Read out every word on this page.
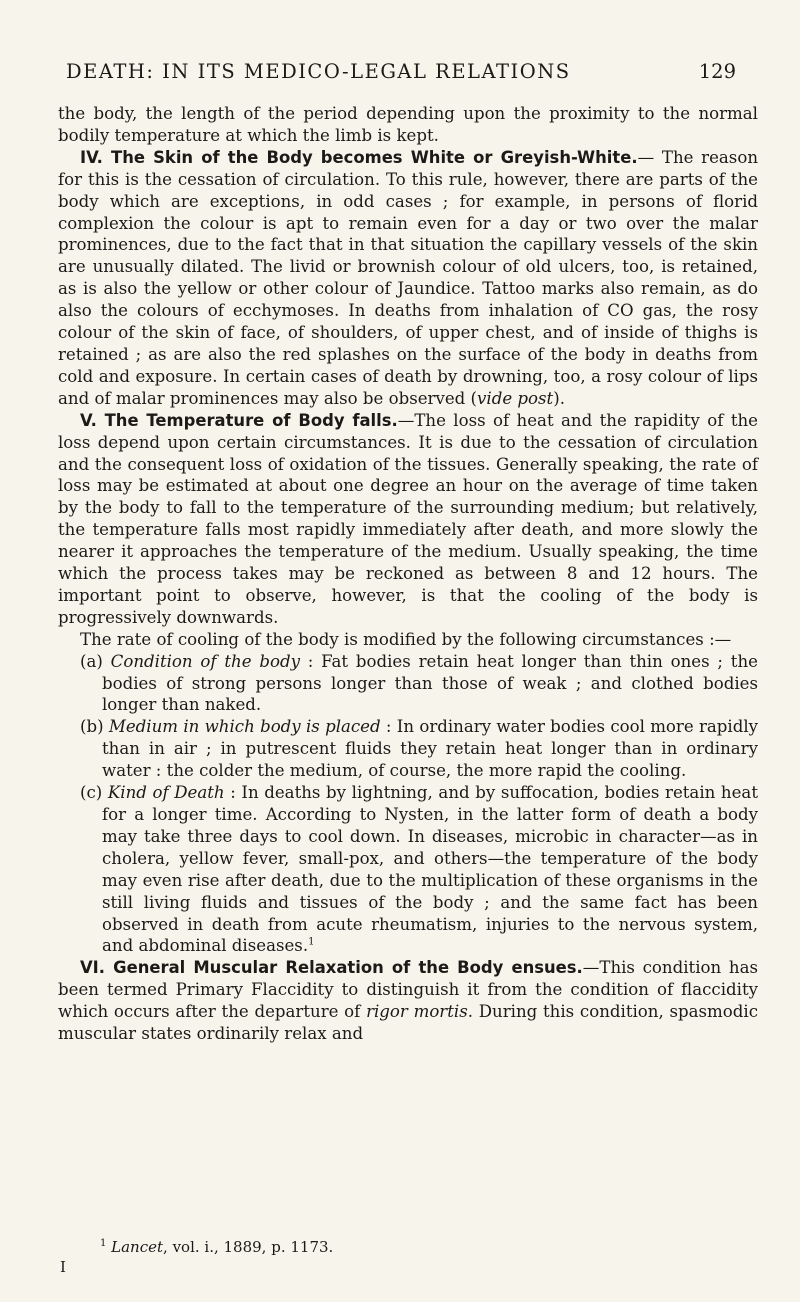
DEATH: IN ITS MEDICO-LEGAL RELATIONS	129

the body, the length of the period depending upon the proximity to the normal bodily temperature at which the limb is kept.

IV. The Skin of the Body becomes White or Greyish-White.— The reason for this is the cessation of circulation. To this rule, however, there are parts of the body which are exceptions, in odd cases ; for example, in persons of florid complexion the colour is apt to remain even for a day or two over the malar prominences, due to the fact that in that situation the capillary vessels of the skin are unusually dilated. The livid or brownish colour of old ulcers, too, is retained, as is also the yellow or other colour of Jaundice. Tattoo marks also remain, as do also the colours of ecchymoses. In deaths from inhalation of CO gas, the rosy colour of the skin of face, of shoulders, of upper chest, and of inside of thighs is retained ; as are also the red splashes on the surface of the body in deaths from cold and exposure. In certain cases of death by drowning, too, a rosy colour of lips and of malar prominences may also be observed (vide post).

V. The Temperature of Body falls.—The loss of heat and the rapidity of the loss depend upon certain circumstances. It is due to the cessation of circulation and the consequent loss of oxidation of the tissues. Generally speaking, the rate of loss may be estimated at about one degree an hour on the average of time taken by the body to fall to the temperature of the surrounding medium; but relatively, the temperature falls most rapidly immediately after death, and more slowly the nearer it approaches the temperature of the medium. Usually speaking, the time which the process takes may be reckoned as between 8 and 12 hours. The important point to observe, however, is that the cooling of the body is progressively downwards.

The rate of cooling of the body is modified by the following circumstances :—

(a) Condition of the body : Fat bodies retain heat longer than thin ones ; the bodies of strong persons longer than those of weak ; and clothed bodies longer than naked.

(b) Medium in which body is placed : In ordinary water bodies cool more rapidly than in air ; in putrescent fluids they retain heat longer than in ordinary water : the colder the medium, of course, the more rapid the cooling.

(c) Kind of Death : In deaths by lightning, and by suffocation, bodies retain heat for a longer time. According to Nysten, in the latter form of death a body may take three days to cool down. In diseases, microbic in character—as in cholera, yellow fever, small-pox, and others—the temperature of the body may even rise after death, due to the multiplication of these organisms in the still living fluids and tissues of the body ; and the same fact has been observed in death from acute rheumatism, injuries to the nervous system, and abdominal diseases.$^1$

VI. General Muscular Relaxation of the Body ensues.—This condition has been termed Primary Flaccidity to distinguish it from the condition of flaccidity which occurs after the departure of rigor mortis. During this condition, spasmodic muscular states ordinarily relax and

$^1$ Lancet, vol. i., 1889, p. 1173.
I
